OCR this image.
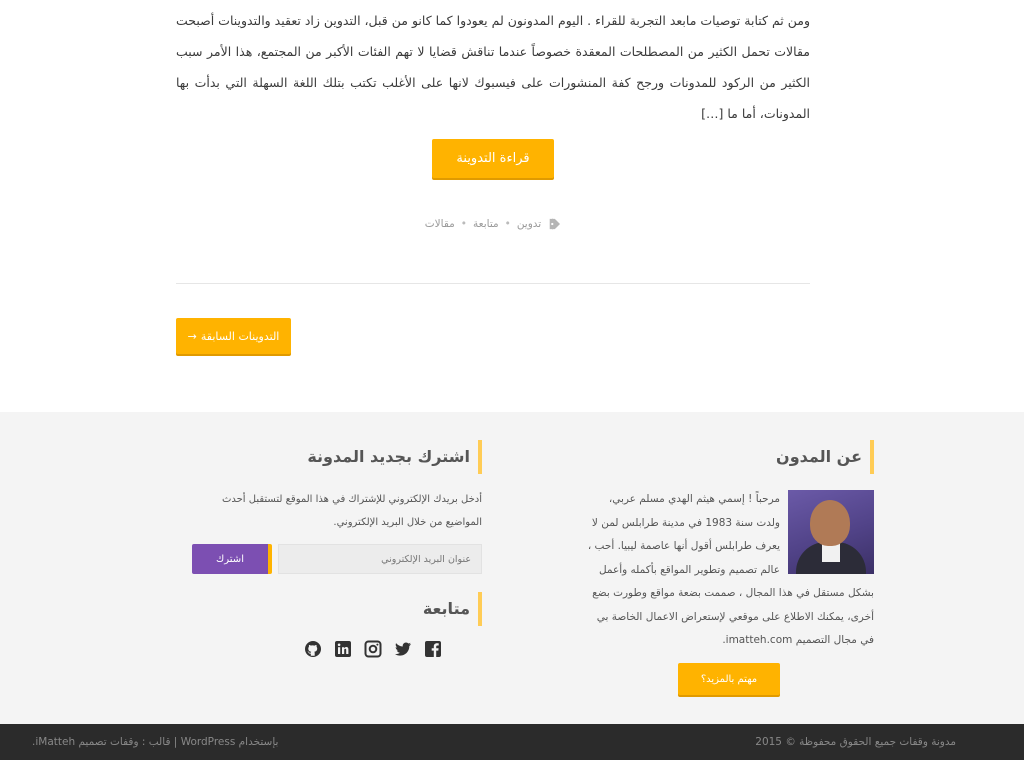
ومن ثم كتابة توصيات مابعد التجربة للقراء . اليوم المدونون لم يعودوا كما كانو من قبل، التدوين زاد تعقيد والتدوينات أصبحت مقالات تحمل الكثير من المصطلحات المعقدة خصوصاً عندما تناقش قضايا لا تهم الفئات الأكبر من المجتمع، هذا الأمر سبب الكثير من الركود للمدونات ورجح كفة المنشورات على فيسبوك لانها على الأغلب تكتب بتلك اللغة السهلة التي بدأت بها المدونات، أما ما […]

قراءة التدوينة
تدوين
•
متابعة
•
مقالات
التدوينات السابقة
→
عن المدون
مرحباً ! إسمي هيثم الهدي مسلم عربي، ولدت سنة 1983 في مدينة طرابلس لمن لا يعرف طرابلس أقول أنها عاصمة ليبيا. أحب ، عالم تصميم وتطوير المواقع بأكمله وأعمل بشكل مستقل في هذا المجال ، صممت بضعة مواقع وطورت بضع أخرى، يمكنك الاطلاع على موقعي لإستعراض الاعمال الخاصة بي في مجال التصميم imatteh.com.
مهتم بالمزيد؟
اشترك بجديد المدونة

أدخل بريدك الإلكتروني للإشتراك في هذا الموقع لتستقبل أحدث المواضيع من خلال البريد الإلكتروني.

عنوان البريد الإلكتروني
اشترك
متابعة
مدونة وقفات جميع الحقوق محفوظة © 2015
بإستخدام WordPress | قالب : وقفات تصميم iMatteh.
